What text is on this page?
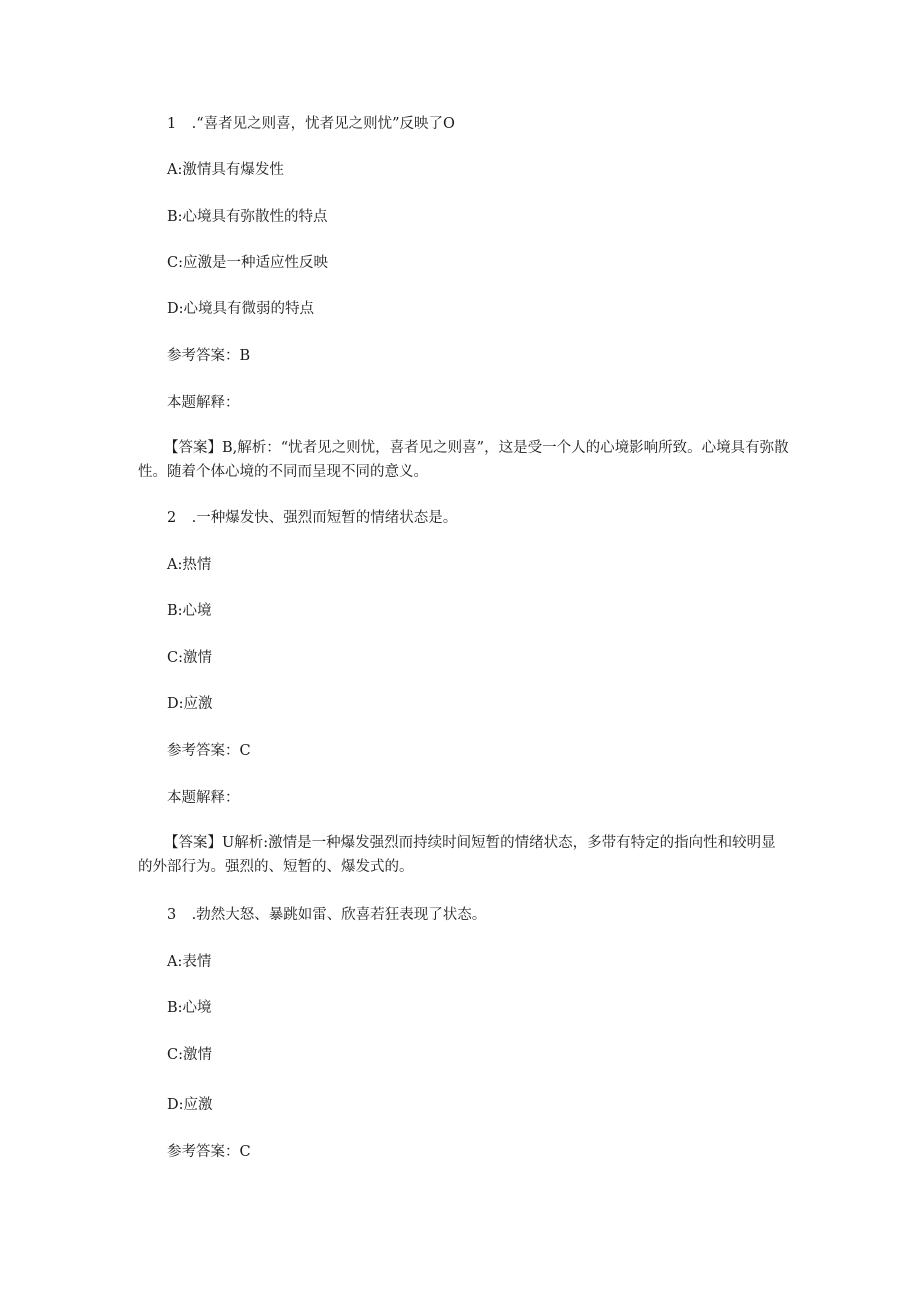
1 .“喜者见之则喜，忧者见之则忧”反映了O
A:激情具有爆发性
B:心境具有弥散性的特点
C:应激是一种适应性反映
D:心境具有微弱的特点
参考答案：B
本题解释：
【答案】B,解析：“忧者见之则忧，喜者见之则喜”，这是受一个人的心境影响所致。心境具有弥散性。随着个体心境的不同而呈现不同的意义。
2 .一种爆发快、强烈而短暂的情绪状态是。
A:热情
B:心境
C:激情
D:应激
参考答案：C
本题解释：
【答案】U解析:激情是一种爆发强烈而持续时间短暂的情绪状态，多带有特定的指向性和较明显的外部行为。强烈的、短暂的、爆发式的。
3 .勃然大怒、暴跳如雷、欣喜若狂表现了状态。
A:表情
B:心境
C:激情
D:应激
参考答案：C
